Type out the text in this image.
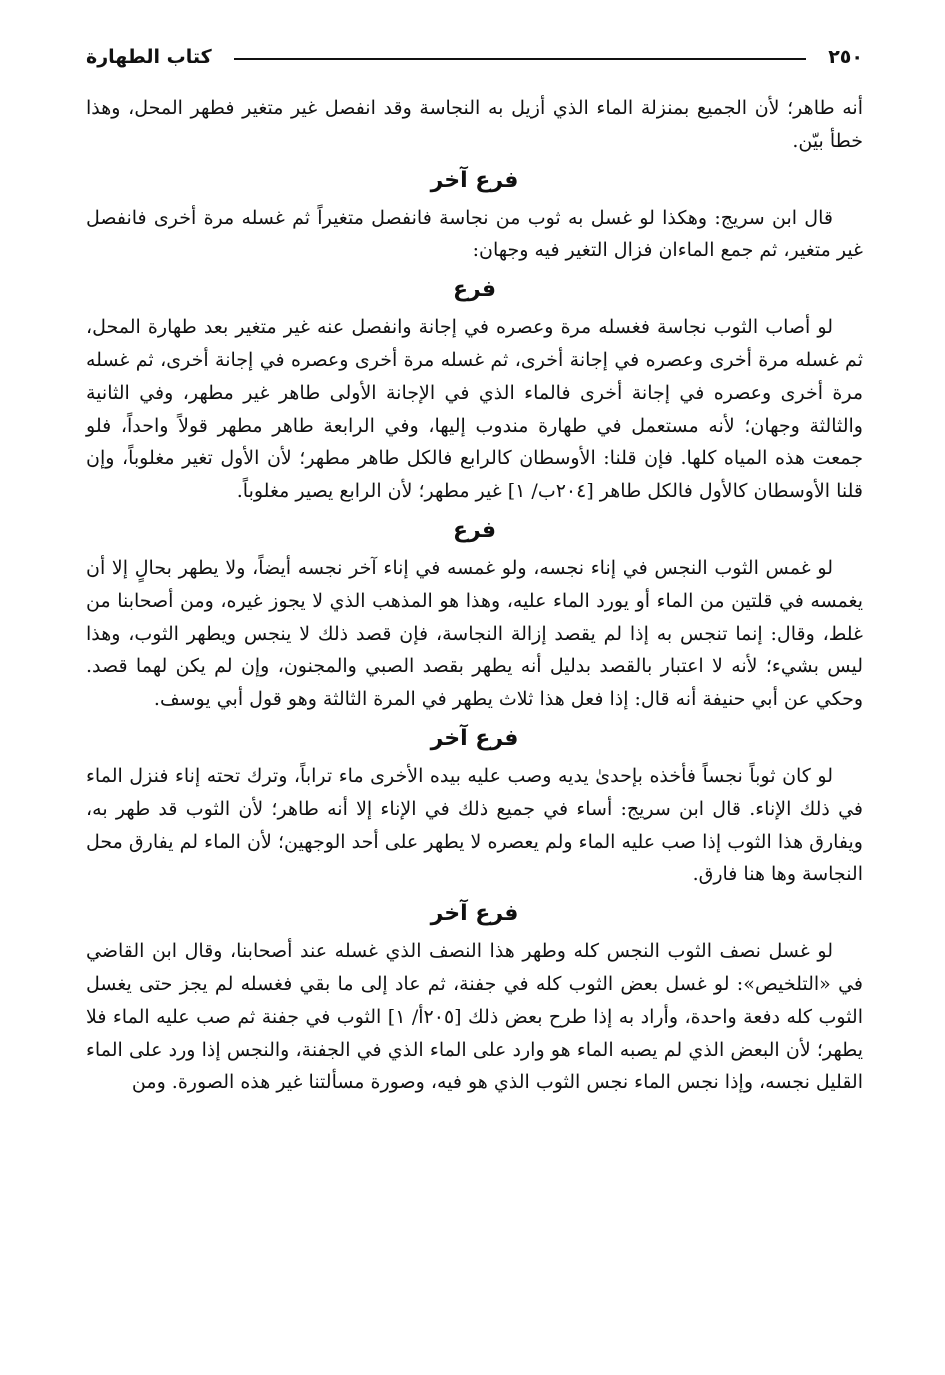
٢٥٠
كتاب الطهارة

أنه طاهر؛ لأن الجميع بمنزلة الماء الذي أزيل به النجاسة وقد انفصل غير متغير فطهر المحل، وهذا خطأ بيّن.

فرع آخر

قال ابن سريج: وهكذا لو غسل به ثوب من نجاسة فانفصل متغيراً ثم غسله مرة أخرى فانفصل غير متغير، ثم جمع الماءان فزال التغير فيه وجهان:

فرع

لو أصاب الثوب نجاسة فغسله مرة وعصره في إجانة وانفصل عنه غير متغير بعد طهارة المحل، ثم غسله مرة أخرى وعصره في إجانة أخرى، ثم غسله مرة أخرى وعصره في إجانة أخرى، ثم غسله مرة أخرى وعصره في إجانة أخرى فالماء الذي في الإجانة الأولى طاهر غير مطهر، وفي الثانية والثالثة وجهان؛ لأنه مستعمل في طهارة مندوب إليها، وفي الرابعة طاهر مطهر قولاً واحداً، فلو جمعت هذه المياه كلها. فإن قلنا: الأوسطان كالرابع فالكل طاهر مطهر؛ لأن الأول تغير مغلوباً، وإن قلنا الأوسطان كالأول فالكل طاهر [٢٠٤ب/ ١] غير مطهر؛ لأن الرابع يصير مغلوباً.

فرع

لو غمس الثوب النجس في إناء نجسه، ولو غمسه في إناء آخر نجسه أيضاً، ولا يطهر بحالٍ إلا أن يغمسه في قلتين من الماء أو يورد الماء عليه، وهذا هو المذهب الذي لا يجوز غيره، ومن أصحابنا من غلط، وقال: إنما تنجس به إذا لم يقصد إزالة النجاسة، فإن قصد ذلك لا ينجس ويطهر الثوب، وهذا ليس بشيء؛ لأنه لا اعتبار بالقصد بدليل أنه يطهر بقصد الصبي والمجنون، وإن لم يكن لهما قصد. وحكي عن أبي حنيفة أنه قال: إذا فعل هذا ثلاث يطهر في المرة الثالثة وهو قول أبي يوسف.

فرع آخر

لو كان ثوباً نجساً فأخذه بإحدىٰ يديه وصب عليه بيده الأخرى ماء تراباً، وترك تحته إناء فنزل الماء في ذلك الإناء. قال ابن سريج: أساء في جميع ذلك في الإناء إلا أنه طاهر؛ لأن الثوب قد طهر به، ويفارق هذا الثوب إذا صب عليه الماء ولم يعصره لا يطهر على أحد الوجهين؛ لأن الماء لم يفارق محل النجاسة وها هنا فارق.

فرع آخر

لو غسل نصف الثوب النجس كله وطهر هذا النصف الذي غسله عند أصحابنا، وقال ابن القاضي في «التلخيص»: لو غسل بعض الثوب كله في جفنة، ثم عاد إلى ما بقي فغسله لم يجز حتى يغسل الثوب كله دفعة واحدة، وأراد به إذا طرح بعض ذلك [٢٠٥أ/ ١] الثوب في جفنة ثم صب عليه الماء فلا يطهر؛ لأن البعض الذي لم يصبه الماء هو وارد على الماء الذي في الجفنة، والنجس إذا ورد على الماء القليل نجسه، وإذا نجس الماء نجس الثوب الذي هو فيه، وصورة مسألتنا غير هذه الصورة. ومن
